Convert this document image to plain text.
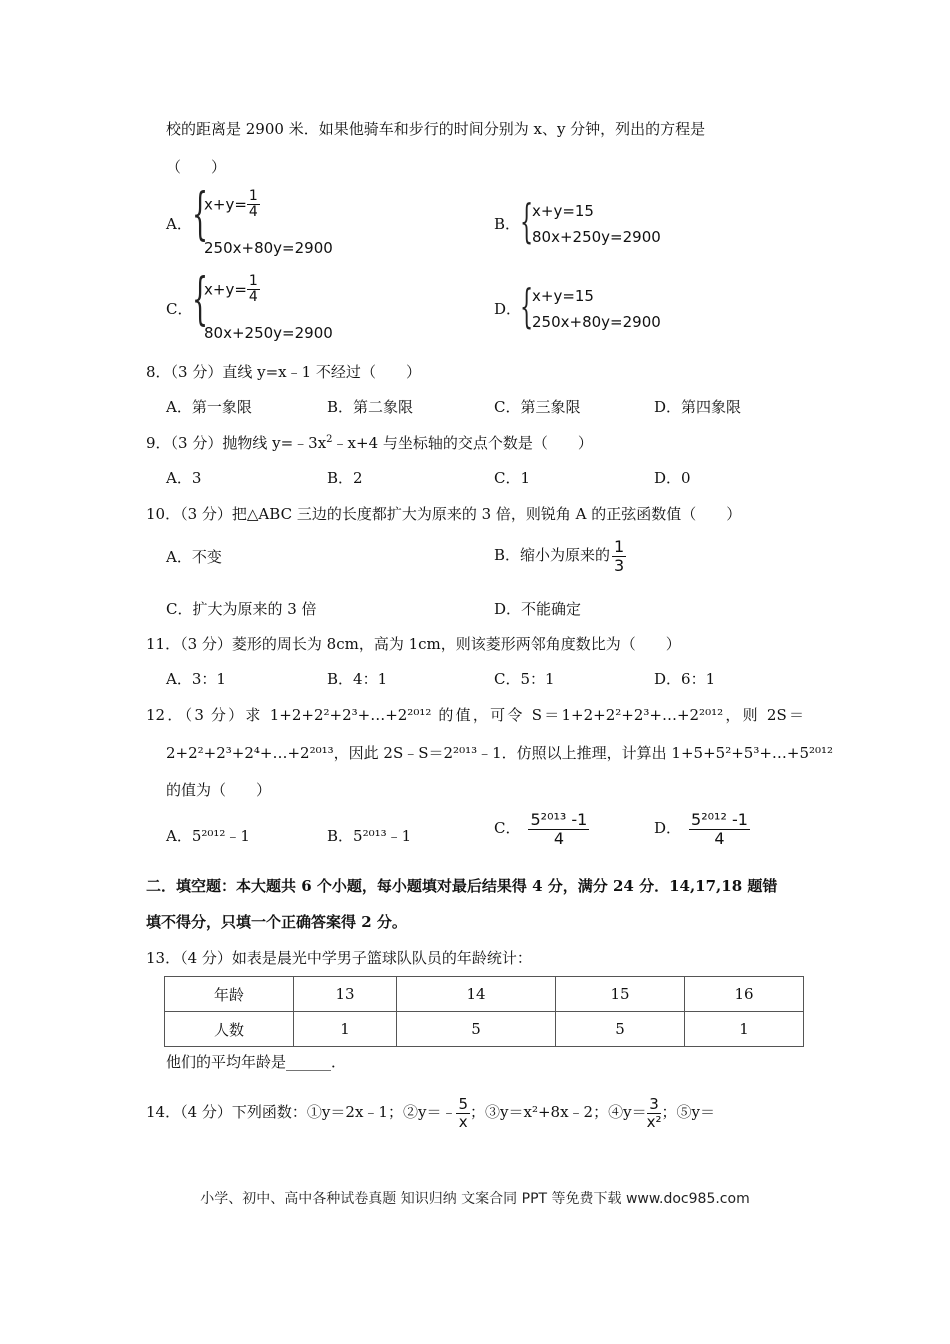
校的距离是 2900 米．如果他骑车和步行的时间分别为 x、y 分钟，列出的方程是
（　　）
A． {
$x+y= \frac{1}{4}$
250x+80y=2900
B． {
x+y=15
80x+250y=2900
C． {
$x+y= \frac{1}{4}$
80x+250y=2900
D．
{
x+y=15
250x+80y=2900
8．（3 分）直线 y=x﹣1 不经过（　　）
A．第一象限	B．第二象限	C．第三象限	D．第四象限
9．（3 分）抛物线 $y=﹣3x^2﹣x+4$ 与坐标轴的交点个数是（　　）
A．3	B．2	C．1	D．0
10．（3 分）把△ABC 三边的长度都扩大为原来的 3 倍，则锐角 A 的正弦函数值（　　）
A．不变	B．缩小为原来的 $\frac{1}{3}$
C．扩大为原来的 3 倍	D．不能确定
11．（3 分）菱形的周长为 8cm，高为 1cm，则该菱形两邻角度数比为（　　）
A．3：1	B．4：1	C．5：1	D．6：1
12．（3 分）求 1+2+2²+2³+…+2²⁰¹² 的值，可令 S＝1+2+2²+2³+…+2²⁰¹²，则 2S＝
2+2²+2³+2⁴+…+2²⁰¹³，因此 2S﹣S＝2²⁰¹³﹣1．仿照以上推理，计算出 1+5+5²+5³+…+5²⁰¹²
的值为（　　）
A．5²⁰¹²﹣1	B．5²⁰¹³﹣1	C． $\frac{\text{5²⁰¹³ -1}}{4}$	D． $\frac{\text{5²⁰¹² -1}}{4}$
二．填空题：本大题共 6 个小题，每小题填对最后结果得 4 分，满分 24 分．14,17,18 题错
填不得分，只填一个正确答案得 2 分。
13．（4 分）如表是晨光中学男子篮球队队员的年龄统计：
年龄	13	14	15	16
人数	1	5	5	1
他们的平均年龄是______．
14．（4 分）下列函数：①y＝2x﹣1；②y＝﹣ $\frac{5}{x}$ ；③y＝x²+8x﹣2；④y＝ $\frac{3}{\text{x²}}$ ；⑤y＝
小学、初中、高中各种试卷真题 知识归纳 文案合同 PPT 等免费下载 www.doc985.com
